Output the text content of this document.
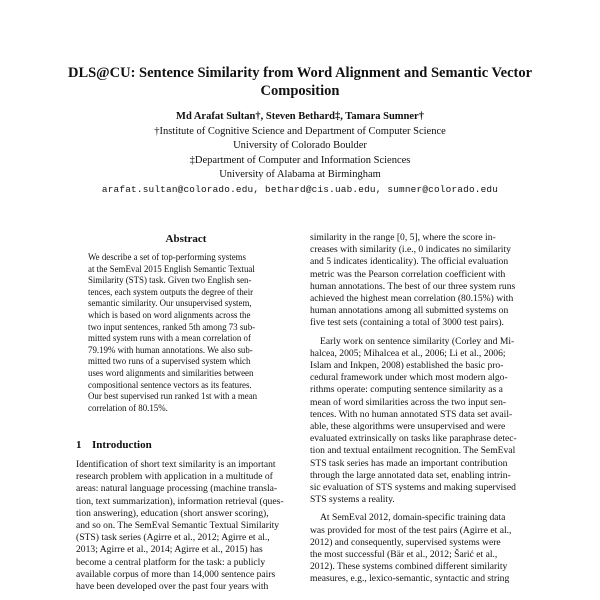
DLS@CU: Sentence Similarity from Word Alignment and Semantic Vector
Composition
Md Arafat Sultan†, Steven Bethard‡, Tamara Sumner†
†Institute of Cognitive Science and Department of Computer Science
University of Colorado Boulder
‡Department of Computer and Information Sciences
University of Alabama at Birmingham
arafat.sultan@colorado.edu, bethard@cis.uab.edu, sumner@colorado.edu
Abstract
We describe a set of top-performing systems
at the SemEval 2015 English Semantic Textual
Similarity (STS) task. Given two English sen-
tences, each system outputs the degree of their
semantic similarity. Our unsupervised system,
which is based on word alignments across the
two input sentences, ranked 5th among 73 sub-
mitted system runs with a mean correlation of
79.19% with human annotations. We also sub-
mitted two runs of a supervised system which
uses word alignments and similarities between
compositional sentence vectors as its features.
Our best supervised run ranked 1st with a mean
correlation of 80.15%.
1 Introduction
Identification of short text similarity is an important
research problem with application in a multitude of
areas: natural language processing (machine transla-
tion, text summarization), information retrieval (ques-
tion answering), education (short answer scoring),
and so on. The SemEval Semantic Textual Similarity
(STS) task series (Agirre et al., 2012; Agirre et al.,
2013; Agirre et al., 2014; Agirre et al., 2015) has
become a central platform for the task: a publicly
available corpus of more than 14,000 sentence pairs
have been developed over the past four years with
similarity in the range [0, 5], where the score in-
creases with similarity (i.e., 0 indicates no similarity
and 5 indicates identicality). The official evaluation
metric was the Pearson correlation coefficient with
human annotations. The best of our three system runs
achieved the highest mean correlation (80.15%) with
human annotations among all submitted systems on
five test sets (containing a total of 3000 test pairs).
Early work on sentence similarity (Corley and Mi-
halcea, 2005; Mihalcea et al., 2006; Li et al., 2006;
Islam and Inkpen, 2008) established the basic pro-
cedural framework under which most modern algo-
rithms operate: computing sentence similarity as a
mean of word similarities across the two input sen-
tences. With no human annotated STS data set avail-
able, these algorithms were unsupervised and were
evaluated extrinsically on tasks like paraphrase detec-
tion and textual entailment recognition. The SemEval
STS task series has made an important contribution
through the large annotated data set, enabling intrin-
sic evaluation of STS systems and making supervised
STS systems a reality.
At SemEval 2012, domain-specific training data
was provided for most of the test pairs (Agirre et al.,
2012) and consequently, supervised systems were
the most successful (Bär et al., 2012; Šarić et al.,
2012). These systems combined different similarity
measures, e.g., lexico-semantic, syntactic and string
